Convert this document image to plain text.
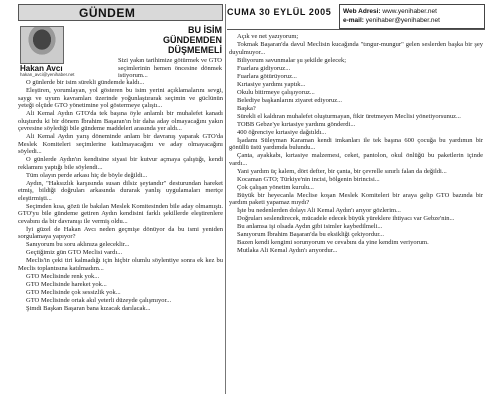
GÜNDEM
Hakan Avcı
hakan_avci@yenihaber.net
BU İSİM
GÜNDEMDEN
DÜŞMEMELİ
Sizi yakın tarihimize götürmek ve GTO seçimlerinin hemen öncesine dönmek istiyorum...

O günlerde bir isim sürekli gündemde kaldı...

Eleştiren, yorumlayan, yol gösteren bu isim yerini açıklamalarını sevgi, saygı ve uyum kavramları üzerinde yoğunlaştırarak seçimin ve güclünün yeteği olçüde GTO yönetimine yol göstermeye çalıştı...

Ali Kemal Aydın GTO'da tek başına öyle anlamlı bir muhalefet kanadı oluşturdu ki bir dönem İbrahim Başaran'ın bir daha aday olmayacağını yakın çevresine söylediği bile gündeme maddeleri arasında yer aldı...

Ali Kemal Aydın yarış döneminde anlam bir davranış yaparak GTO'da Meslek Komiteleri seçimlerine katılmayacağını ve aday olmayacağını söyledi...

O günlerde Aydın'ın kendisine siyasi bir kutvur açmaya çalıştığı, kendi reklamını yaptığı bile söylendi...

Tüm olayın perde arkası hiç de böyle değildi...

Aydın, "Haksızlık karşısında susan dilsiz şeytandır" desturundan hareket etmiş, bildiği doğruları arkasında durarak yanlış uygulamaları mertçe eleştirmişti...

Seçimden kısa, gözü ile bakılan Meslek Komitesinden bile aday olmamıştı. GTO'yu bile gündeme getiren Aydın kendisini farklı şekillerde eleştirenlere cevabını da bir davranışı ile vermiş oldu...

İyi güzel de Hakan Avcı neden geçmişe dönüyor da bu ismi yeniden sorgulamaya yapıyor?

Sanıyorum bu soru aklınıza geleceklir...

Geçtiğimiz gün GTO Meclisi vardı...

Meclis'in çeki tiri kalmadığı için hiçbir olumlu söylentiye sonra ek kez bu Meclis toplantısına katılmadım...

GTO Meclisinde renk yok...

GTO Meclisinde hareket yok...

GTO Meclisinde çok sessizlik yok...

GTO Meclisinde ortak akıl yeterli düzeyde çalışmıyor...

Şimdi Başkan Başaran bana kızacak darılacak...

CUMA 30 EYLÜL 2005 Web Adresi: www.yenihaber.net
e-mail: yenihaber@yenihaber.net

Açık ve net yazıyorum;

Tokmak Başaran'da davul Meclisin kucağında "tıngur-mungur" gelen seslerden başka bir şey duyulmuyor...

Biliyorum savunmalar şu şekilde gelecek;

Fuarlara gidiyoruz...

Fuarlara götürüyoruz...

Kırtasiye yardımı yaptık...

Okulu bitirmeye çalışıyoruz...

Belediye başkanlarını ziyaret ediyoruz...

Başka?

Sürekli el kaldıran muhalefet oluşturmayan, fikir üretmeyen Meclisi yönetiyorsunuz...

TOBB Gebze'ye kırtasiye yardımı gönderdi...

400 öğrenciye kırtasiye dağıtıldı...

İşadamı Süleyman Karaman kendi imkanları ile tek başına 600 çocuğa bu yardımın bir gönüllü üstü yardımda bulundu...

Çanta, ayakkabı, kırtasiye malzemesi, ceket, pantolon, okul önlüğü bu paketlerin içinde vardı...

Yani yardım üç kalem, dört defter, bir çanta, bir çevrelle sınırlı falan da değildi...

Kocaman GTO; Türkiye'nin incisi, bölgenin birincisi...

Çok çalışan yönetim kurulu...

Büyük bir heyecanla Meclise koşan Meslek Komiteleri bir araya gelip GTO bazında bir yardım paketi yapamaz mıydı?

İşte bu nedenlerden dolayı Ali Kemal Aydın'ı arıyor gözlerim...

Doğruları seslendirecek, mücadele edecek büyük yüreklere ihtiyacı var Gebze'nin...

Bu anlamsa işi olsada Aydın gibi isimler kaybedilmeli...

Sanıyorum İbrahim Başaran'da bu eksikliği çekiyordur...

Bazen kendi kengimi sorunyorum ve cevabını da yine kendim veriyorum.

Mutlaka Ali Kemal Aydın'ı arıyordur...
